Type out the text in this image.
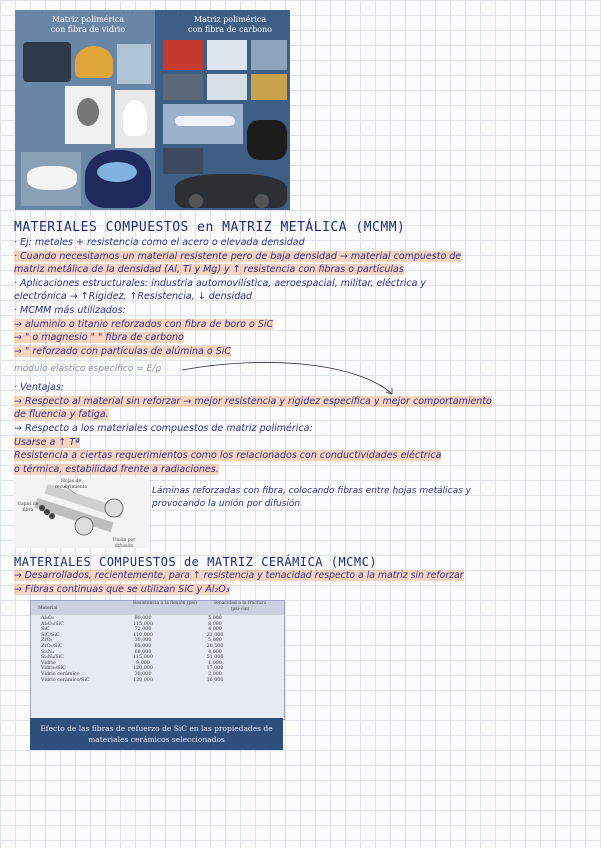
Matriz polimérica
con fibra de vidrio
Matriz polimérica
con fibra de carbono
MATERIALES COMPUESTOS en MATRIZ METÁLICA (MCMM)
· Ej: metales + resistencia como el acero o elevada densidad
· Cuando necesitamos un material resistente pero de baja densidad → material compuesto de
matriz metálica de la densidad (Al, Ti y Mg) y ↑ resistencia con fibras o partículas
· Aplicaciones estructurales: industria automovilística, aeroespacial, militar, eléctrica y
electrónica → ↑Rigidez, ↑Resistencia, ↓ densidad
· MCMM más utilizados:
→ aluminio o titanio reforzados con fibra de boro o SiC
→ " o magnesio " " fibra de carbono
→ " reforzado con partículas de alúmina o SiC
módulo elástico específico = E/ρ
· Ventajas:
→ Respecto al material sin reforzar → mejor resistencia y rigidez específica y mejor comportamiento
de fluencia y fatiga.
→ Respecto a los materiales compuestos de matriz polimérica:
Usarse a ↑ Tª
Resistencia a ciertas requerimientos como los relacionados con conductividades eléctrica
o térmica, estabilidad frente a radiaciones.
Hojas de recubrimiento
Capas de fibra
Unión por difusión
Láminas reforzadas con fibra, colocando fibras entre hojas metálicas y
provocando la unión por difusión
MATERIALES COMPUESTOS de MATRIZ CERÁMICA (MCMC)
→ Desarrollados, recientemente, para ↑ resistencia y tenacidad respecto a la matriz sin reforzar
→ Fibras continuas que se utilizan SiC y Al₂O₃
Material
Resistencia a la flexión (psi)	Tenacidad a la fractura (psi·√in)
Al₂O₃	80,000	5,000
Al₂O₃/SiC	115,000	8,000
SiC	72,000	4,000
SiC/SiC	110,000	23,000
ZrO₂	30,000	5,000
ZrO₂/SiC	65,000	20,500
Si₃N₄	68,000	4,000
Si₃N₄/SiC	115,000	51,000
Vidrio	9,000	1,000
Vidrio/SiC	120,000	17,000
Vidrio cerámico	30,000	2,000
Vidrio cerámico/SiC	120,000	16,000
Efecto de las fibras de refuerzo de SiC en las propiedades de materiales cerámicos seleccionados
